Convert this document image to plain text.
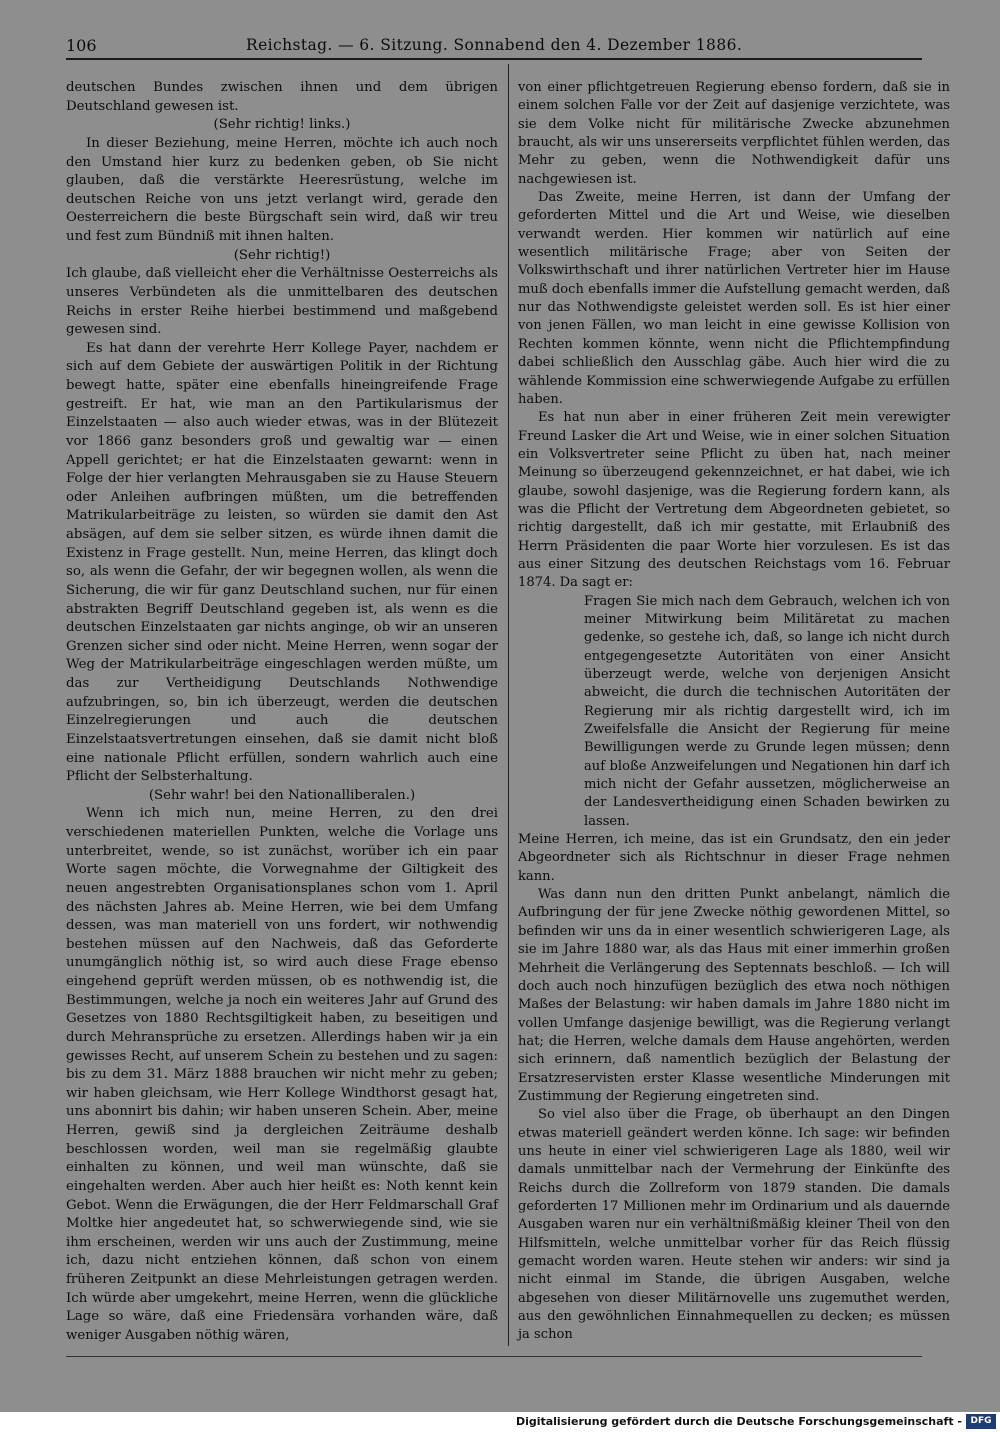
106	Reichstag. — 6. Sitzung. Sonnabend den 4. Dezember 1886.

deutschen Bundes zwischen ihnen und dem übrigen Deutschland gewesen ist.

(Sehr richtig! links.)

In dieser Beziehung, meine Herren, möchte ich auch noch den Umstand hier kurz zu bedenken geben, ob Sie nicht glauben, daß die verstärkte Heeresrüstung, welche im deutschen Reiche von uns jetzt verlangt wird, gerade den Oesterreichern die beste Bürgschaft sein wird, daß wir treu und fest zum Bündniß mit ihnen halten.

(Sehr richtig!)

Ich glaube, daß vielleicht eher die Verhältnisse Oesterreichs als unseres Verbündeten als die unmittelbaren des deutschen Reichs in erster Reihe hierbei bestimmend und maßgebend gewesen sind.

Es hat dann der verehrte Herr Kollege Payer, nachdem er sich auf dem Gebiete der auswärtigen Politik in der Richtung bewegt hatte, später eine ebenfalls hineingreifende Frage gestreift. Er hat, wie man an den Partikularismus der Einzelstaaten — also auch wieder etwas, was in der Blütezeit vor 1866 ganz besonders groß und gewaltig war — einen Appell gerichtet; er hat die Einzelstaaten gewarnt: wenn in Folge der hier verlangten Mehrausgaben sie zu Hause Steuern oder Anleihen aufbringen müßten, um die betreffenden Matrikularbeiträge zu leisten, so würden sie damit den Ast absägen, auf dem sie selber sitzen, es würde ihnen damit die Existenz in Frage gestellt. Nun, meine Herren, das klingt doch so, als wenn die Gefahr, der wir begegnen wollen, als wenn die Sicherung, die wir für ganz Deutschland suchen, nur für einen abstrakten Begriff Deutschland gegeben ist, als wenn es die deutschen Einzelstaaten gar nichts anginge, ob wir an unseren Grenzen sicher sind oder nicht. Meine Herren, wenn sogar der Weg der Matrikularbeiträge eingeschlagen werden müßte, um das zur Vertheidigung Deutschlands Nothwendige aufzubringen, so, bin ich überzeugt, werden die deutschen Einzelregierungen und auch die deutschen Einzelstaatsvertretungen einsehen, daß sie damit nicht bloß eine nationale Pflicht erfüllen, sondern wahrlich auch eine Pflicht der Selbsterhaltung.

(Sehr wahr! bei den Nationalliberalen.)

Wenn ich mich nun, meine Herren, zu den drei verschiedenen materiellen Punkten, welche die Vorlage uns unterbreitet, wende, so ist zunächst, worüber ich ein paar Worte sagen möchte, die Vorwegnahme der Giltigkeit des neuen angestrebten Organisationsplanes schon vom 1. April des nächsten Jahres ab. Meine Herren, wie bei dem Umfang dessen, was man materiell von uns fordert, wir nothwendig bestehen müssen auf den Nachweis, daß das Geforderte unumgänglich nöthig ist, so wird auch diese Frage ebenso eingehend geprüft werden müssen, ob es nothwendig ist, die Bestimmungen, welche ja noch ein weiteres Jahr auf Grund des Gesetzes von 1880 Rechtsgiltigkeit haben, zu beseitigen und durch Mehransprüche zu ersetzen. Allerdings haben wir ja ein gewisses Recht, auf unserem Schein zu bestehen und zu sagen: bis zu dem 31. März 1888 brauchen wir nicht mehr zu geben; wir haben gleichsam, wie Herr Kollege Windthorst gesagt hat, uns abonnirt bis dahin; wir haben unseren Schein. Aber, meine Herren, gewiß sind ja dergleichen Zeiträume deshalb beschlossen worden, weil man sie regelmäßig glaubte einhalten zu können, und weil man wünschte, daß sie eingehalten werden. Aber auch hier heißt es: Noth kennt kein Gebot. Wenn die Erwägungen, die der Herr Feldmarschall Graf Moltke hier angedeutet hat, so schwerwiegende sind, wie sie ihm erscheinen, werden wir uns auch der Zustimmung, meine ich, dazu nicht entziehen können, daß schon von einem früheren Zeitpunkt an diese Mehrleistungen getragen werden. Ich würde aber umgekehrt, meine Herren, wenn die glückliche Lage so wäre, daß eine Friedensära vorhanden wäre, daß weniger Ausgaben nöthig wären,

von einer pflichtgetreuen Regierung ebenso fordern, daß sie in einem solchen Falle vor der Zeit auf dasjenige verzichtete, was sie dem Volke nicht für militärische Zwecke abzunehmen braucht, als wir uns unsererseits verpflichtet fühlen werden, das Mehr zu geben, wenn die Nothwendigkeit dafür uns nachgewiesen ist.

Das Zweite, meine Herren, ist dann der Umfang der geforderten Mittel und die Art und Weise, wie dieselben verwandt werden. Hier kommen wir natürlich auf eine wesentlich militärische Frage; aber von Seiten der Volkswirthschaft und ihrer natürlichen Vertreter hier im Hause muß doch ebenfalls immer die Aufstellung gemacht werden, daß nur das Nothwendigste geleistet werden soll. Es ist hier einer von jenen Fällen, wo man leicht in eine gewisse Kollision von Rechten kommen könnte, wenn nicht die Pflichtempfindung dabei schließlich den Ausschlag gäbe. Auch hier wird die zu wählende Kommission eine schwerwiegende Aufgabe zu erfüllen haben.

Es hat nun aber in einer früheren Zeit mein verewigter Freund Lasker die Art und Weise, wie in einer solchen Situation ein Volksvertreter seine Pflicht zu üben hat, nach meiner Meinung so überzeugend gekennzeichnet, er hat dabei, wie ich glaube, sowohl dasjenige, was die Regierung fordern kann, als was die Pflicht der Vertretung dem Abgeordneten gebietet, so richtig dargestellt, daß ich mir gestatte, mit Erlaubniß des Herrn Präsidenten die paar Worte hier vorzulesen. Es ist das aus einer Sitzung des deutschen Reichstags vom 16. Februar 1874. Da sagt er:

Fragen Sie mich nach dem Gebrauch, welchen ich von meiner Mitwirkung beim Militäretat zu machen gedenke, so gestehe ich, daß, so lange ich nicht durch entgegengesetzte Autoritäten von einer Ansicht überzeugt werde, welche von derjenigen Ansicht abweicht, die durch die technischen Autoritäten der Regierung mir als richtig dargestellt wird, ich im Zweifelsfalle die Ansicht der Regierung für meine Bewilligungen werde zu Grunde legen müssen; denn auf bloße Anzweifelungen und Negationen hin darf ich mich nicht der Gefahr aussetzen, möglicherweise an der Landesvertheidigung einen Schaden bewirken zu lassen.

Meine Herren, ich meine, das ist ein Grundsatz, den ein jeder Abgeordneter sich als Richtschnur in dieser Frage nehmen kann.

Was dann nun den dritten Punkt anbelangt, nämlich die Aufbringung der für jene Zwecke nöthig gewordenen Mittel, so befinden wir uns da in einer wesentlich schwierigeren Lage, als sie im Jahre 1880 war, als das Haus mit einer immerhin großen Mehrheit die Verlängerung des Septennats beschloß. — Ich will doch auch noch hinzufügen bezüglich des etwa noch nöthigen Maßes der Belastung: wir haben damals im Jahre 1880 nicht im vollen Umfange dasjenige bewilligt, was die Regierung verlangt hat; die Herren, welche damals dem Hause angehörten, werden sich erinnern, daß namentlich bezüglich der Belastung der Ersatzreservisten erster Klasse wesentliche Minderungen mit Zustimmung der Regierung eingetreten sind.

So viel also über die Frage, ob überhaupt an den Dingen etwas materiell geändert werden könne. Ich sage: wir befinden uns heute in einer viel schwierigeren Lage als 1880, weil wir damals unmittelbar nach der Vermehrung der Einkünfte des Reichs durch die Zollreform von 1879 standen. Die damals geforderten 17 Millionen mehr im Ordinarium und als dauernde Ausgaben waren nur ein verhältnißmäßig kleiner Theil von den Hilfsmitteln, welche unmittelbar vorher für das Reich flüssig gemacht worden waren. Heute stehen wir anders: wir sind ja nicht einmal im Stande, die übrigen Ausgaben, welche abgesehen von dieser Militärnovelle uns zugemuthet werden, aus den gewöhnlichen Einnahmequellen zu decken; es müssen ja schon

Digitalisierung gefördert durch die Deutsche Forschungsgemeinschaft - DFG
